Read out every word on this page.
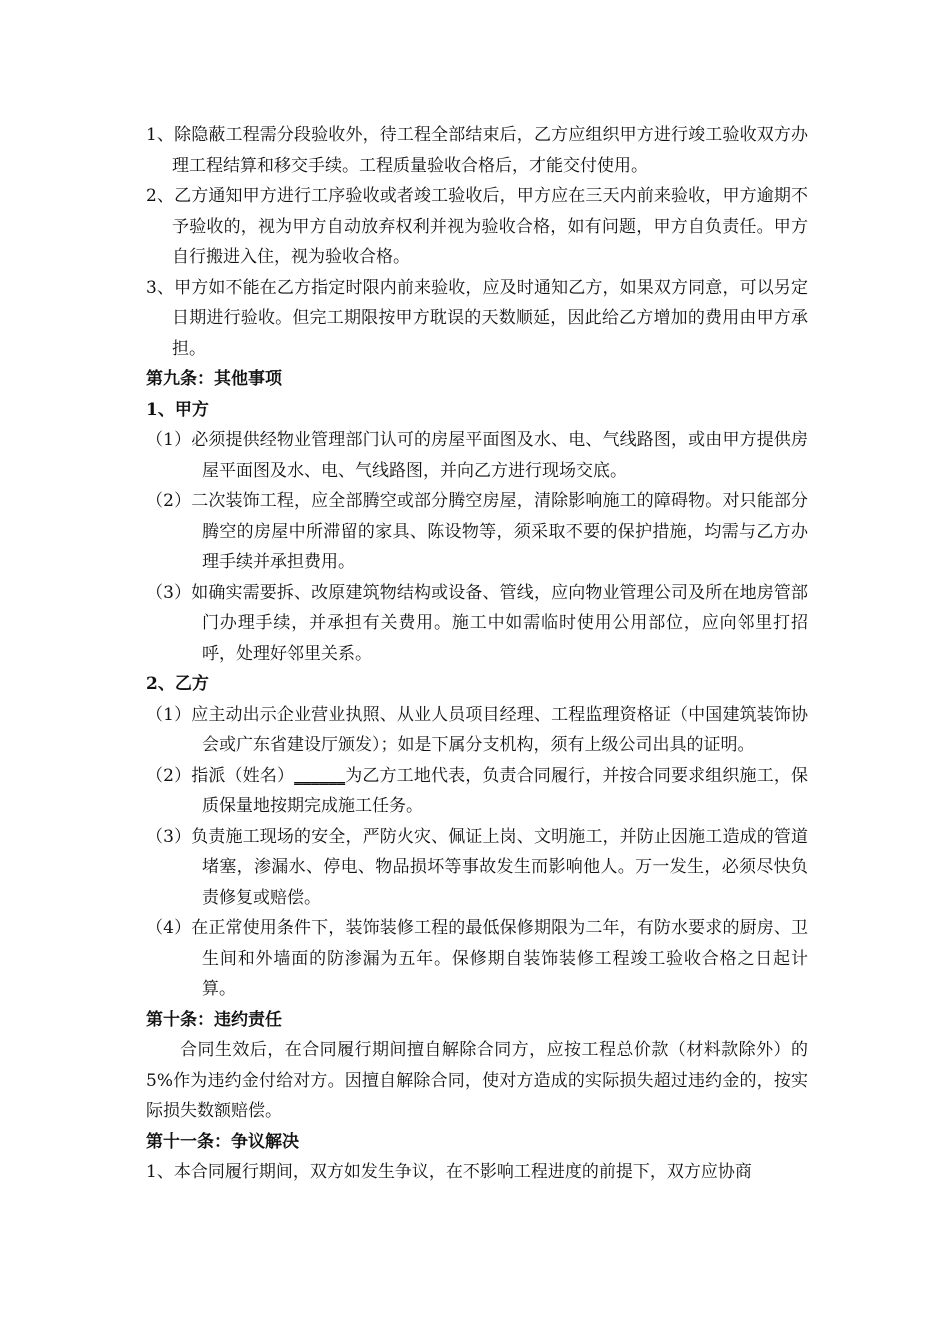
1、除隐蔽工程需分段验收外，待工程全部结束后，乙方应组织甲方进行竣工验收双方办理工程结算和移交手续。工程质量验收合格后，才能交付使用。

2、乙方通知甲方进行工序验收或者竣工验收后，甲方应在三天内前来验收，甲方逾期不予验收的，视为甲方自动放弃权利并视为验收合格，如有问题，甲方自负责任。甲方自行搬进入住，视为验收合格。

3、甲方如不能在乙方指定时限内前来验收，应及时通知乙方，如果双方同意，可以另定日期进行验收。但完工期限按甲方耽误的天数顺延，因此给乙方增加的费用由甲方承担。

第九条：其他事项

1、甲方

（1）必须提供经物业管理部门认可的房屋平面图及水、电、气线路图，或由甲方提供房屋平面图及水、电、气线路图，并向乙方进行现场交底。

（2）二次装饰工程，应全部腾空或部分腾空房屋，清除影响施工的障碍物。对只能部分腾空的房屋中所滞留的家具、陈设物等，须采取不要的保护措施，均需与乙方办理手续并承担费用。

（3）如确实需要拆、改原建筑物结构或设备、管线，应向物业管理公司及所在地房管部门办理手续，并承担有关费用。施工中如需临时使用公用部位，应向邻里打招呼，处理好邻里关系。

2、乙方

（1）应主动出示企业营业执照、从业人员项目经理、工程监理资格证（中国建筑装饰协会或广东省建设厅颁发）；如是下属分支机构，须有上级公司出具的证明。

（2）指派（姓名）______为乙方工地代表，负责合同履行，并按合同要求组织施工，保质保量地按期完成施工任务。

（3）负责施工现场的安全，严防火灾、佩证上岗、文明施工，并防止因施工造成的管道堵塞，渗漏水、停电、物品损坏等事故发生而影响他人。万一发生，必须尽快负责修复或赔偿。

（4）在正常使用条件下，装饰装修工程的最低保修期限为二年，有防水要求的厨房、卫生间和外墙面的防渗漏为五年。保修期自装饰装修工程竣工验收合格之日起计算。

第十条：违约责任

合同生效后，在合同履行期间擅自解除合同方，应按工程总价款（材料款除外）的5%作为违约金付给对方。因擅自解除合同，使对方造成的实际损失超过违约金的，按实际损失数额赔偿。

第十一条：争议解决

1、本合同履行期间，双方如发生争议，在不影响工程进度的前提下，双方应协商
